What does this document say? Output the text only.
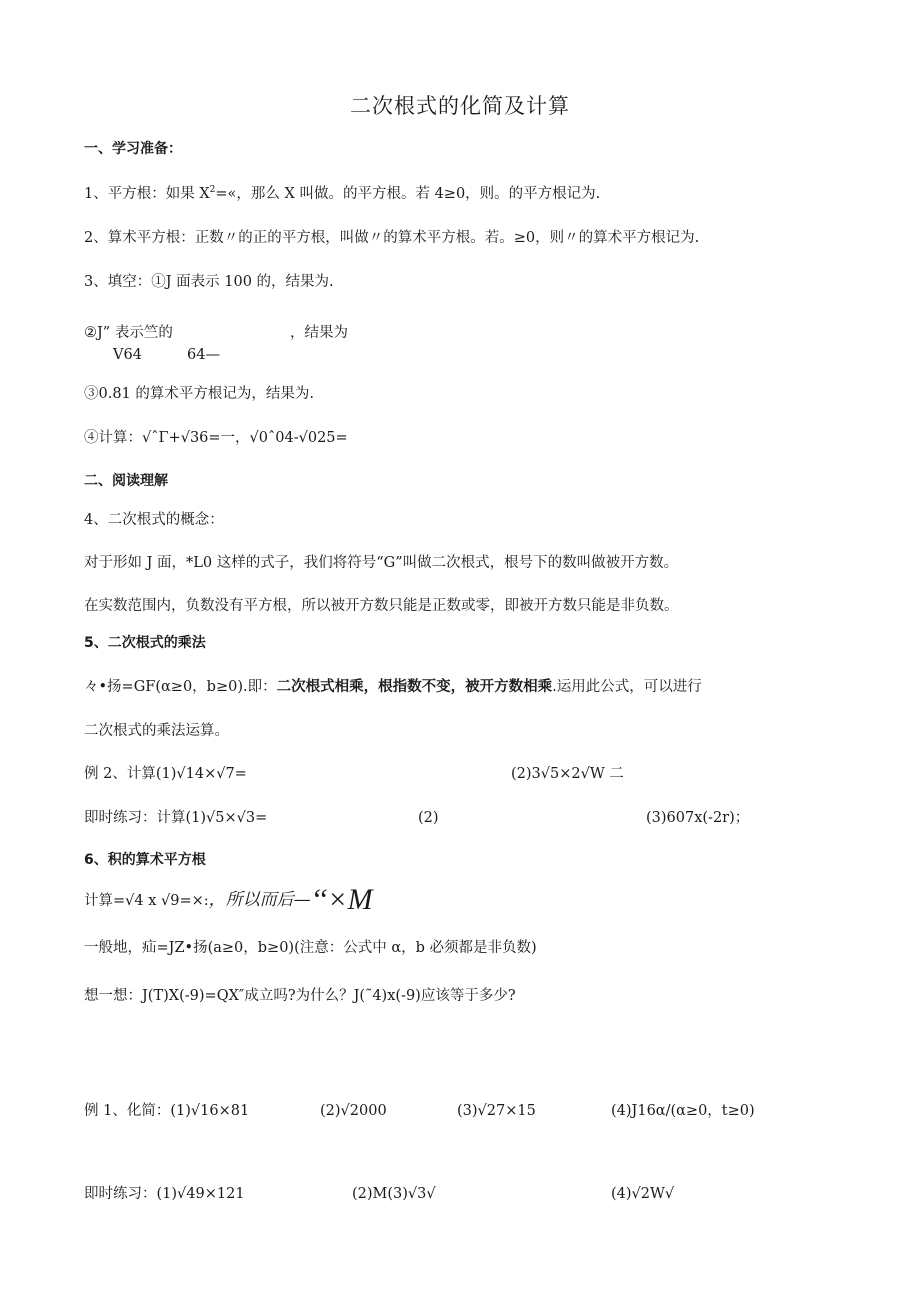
二次根式的化简及计算
一、学习准备：
1、平方根：如果 $X^2=«$，那么 X 叫做。的平方根。若 4≥0，则。的平方根记为.
2、算术平方根：正数〃的正的平方根，叫做〃的算术平方根。若。≥0，则〃的算术平方根记为.
3、填空：①J 面表示 100 的，结果为.
②J” 表示竺的	，结果为
V64	64—
③0.81 的算术平方根记为，结果为.
④计算：√ˆΓ+√36=一，√0ˆ04-√025=
二、阅读理解
4、二次根式的概念：
对于形如 J 面，*L0 这样的式子，我们将符号“G”叫做二次根式，根号下的数叫做被开方数。
在实数范围内，负数没有平方根，所以被开方数只能是正数或零，即被开方数只能是非负数。
5、二次根式的乘法
々•扬=GF(α≥0，b≥0).即：二次根式相乘，根指数不变，被开方数相乘.运用此公式，可以进行
二次根式的乘法运算。
例 2、计算(1)√14×√7=	(2)3√5×2√W 二
即时练习：计算(1)√5×√3=	(2)	(3)607x(-2r)；
6、积的算术平方根
计算=√4 x √9=×:，所以而后—‘‘×M
一般地，疝=JZ•扬(a≥0，b≥0)(注意：公式中 α，b 必须都是非负数)
想一想：J(T)X(-9)=QX″成立吗?为什么？J(˜4)x(-9)应该等于多少?
例 1、化简：(1)√16×81	(2)√2000	(3)√27×15	(4)J16α/(α≥0，t≥0)
即时练习：(1)√49×121	(2)M(3)√3√	(4)√2W√
